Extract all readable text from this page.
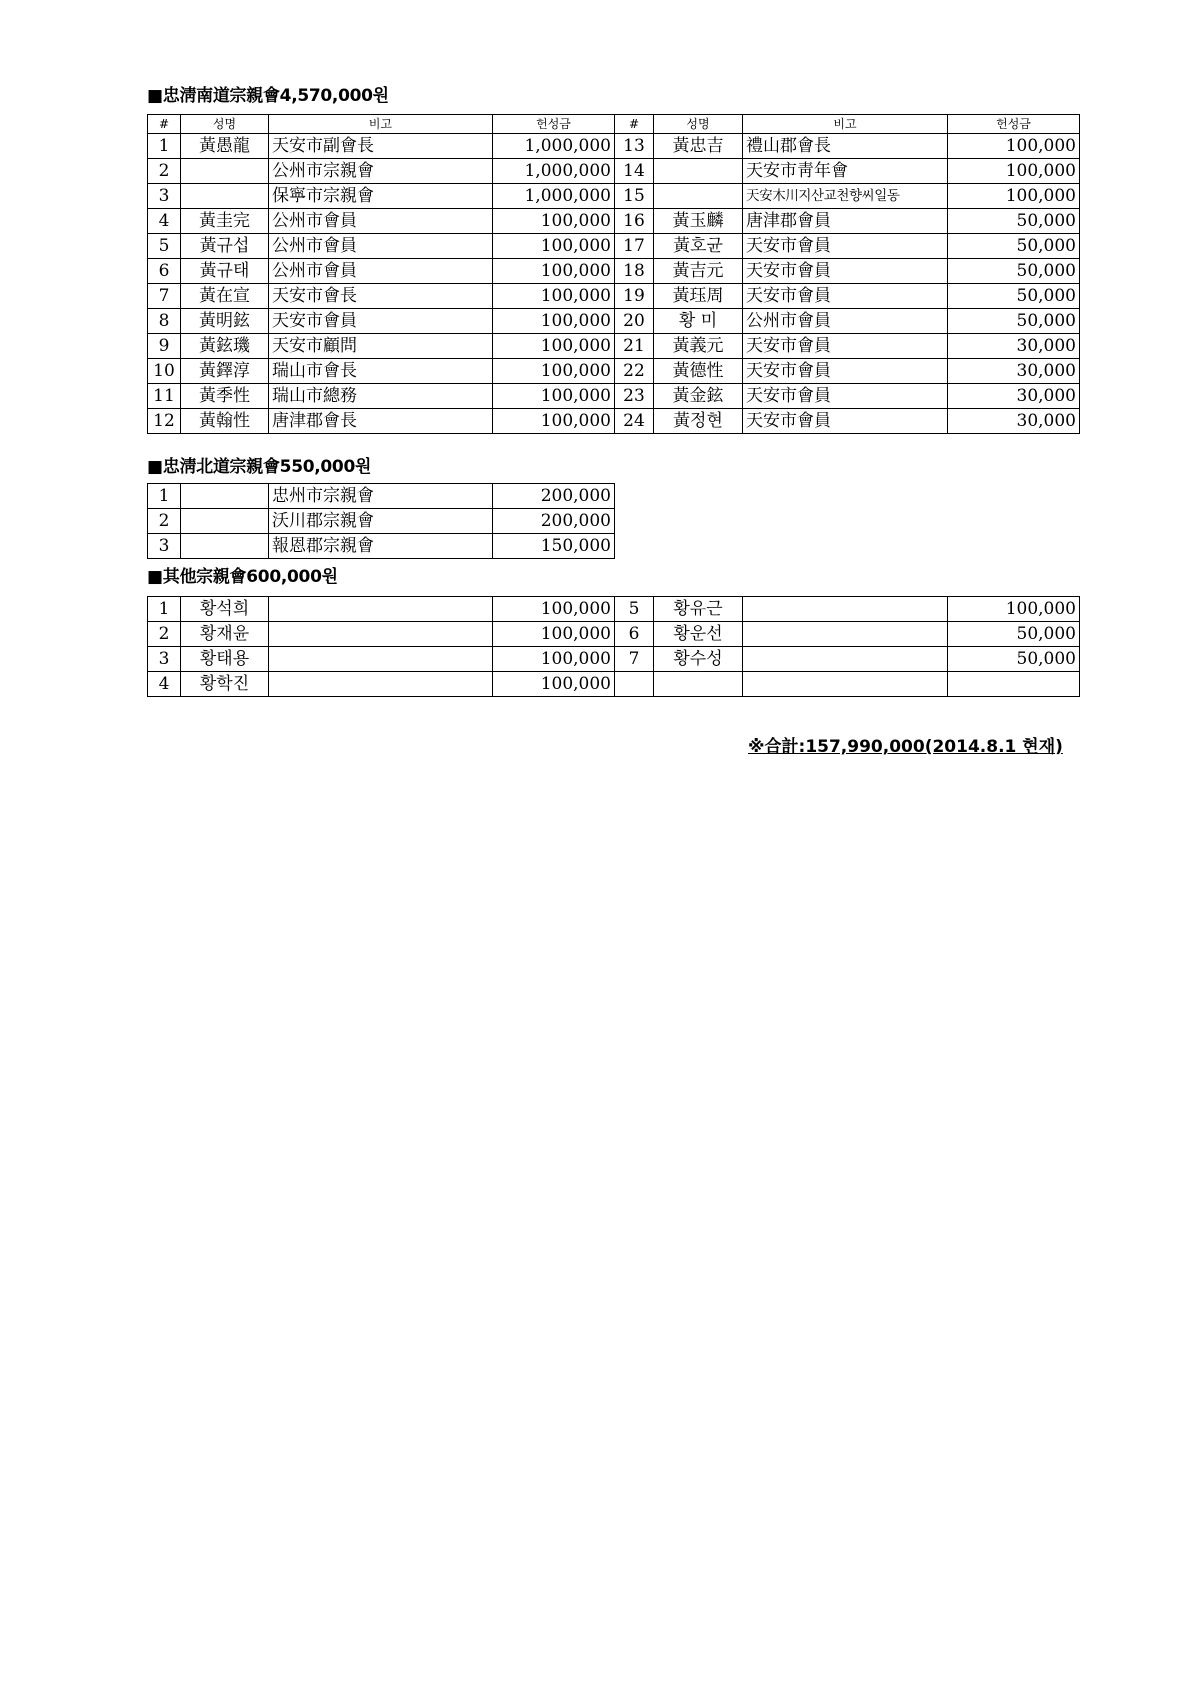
■忠淸南道宗親會4,570,000원
#	성명	비고	헌성금	#	성명	비고	헌성금
1	黃愚龍	天安市副會長	1,000,000	13	黃忠吉	禮山郡會長	100,000
2		公州市宗親會	1,000,000	14		天安市靑年會	100,000
3		保寧市宗親會	1,000,000	15		天安木川지산교천향씨일동	100,000
4	黃圭完	公州市會員	100,000	16	黃玉麟	唐津郡會員	50,000
5	黃규섭	公州市會員	100,000	17	黃호균	天安市會員	50,000
6	黃규태	公州市會員	100,000	18	黃吉元	天安市會員	50,000
7	黃在宣	天安市會長	100,000	19	黃珏周	天安市會員	50,000
8	黃明鉉	天安市會員	100,000	20	황 미	公州市會員	50,000
9	黃鉉璣	天安市顧問	100,000	21	黃義元	天安市會員	30,000
10	黃鐸淳	瑞山市會長	100,000	22	黃德性	天安市會員	30,000
11	黃季性	瑞山市總務	100,000	23	黃金鉉	天安市會員	30,000
12	黃翰性	唐津郡會長	100,000	24	黃정현	天安市會員	30,000
■忠淸北道宗親會550,000원
1		忠州市宗親會	200,000
2		沃川郡宗親會	200,000
3		報恩郡宗親會	150,000
■其他宗親會600,000원
1	황석희		100,000	5	황유근		100,000
2	황재윤		100,000	6	황운선		50,000
3	황태용		100,000	7	황수성		50,000
4	황학진		100,000				
※合計:157,990,000(2014.8.1 현재)
